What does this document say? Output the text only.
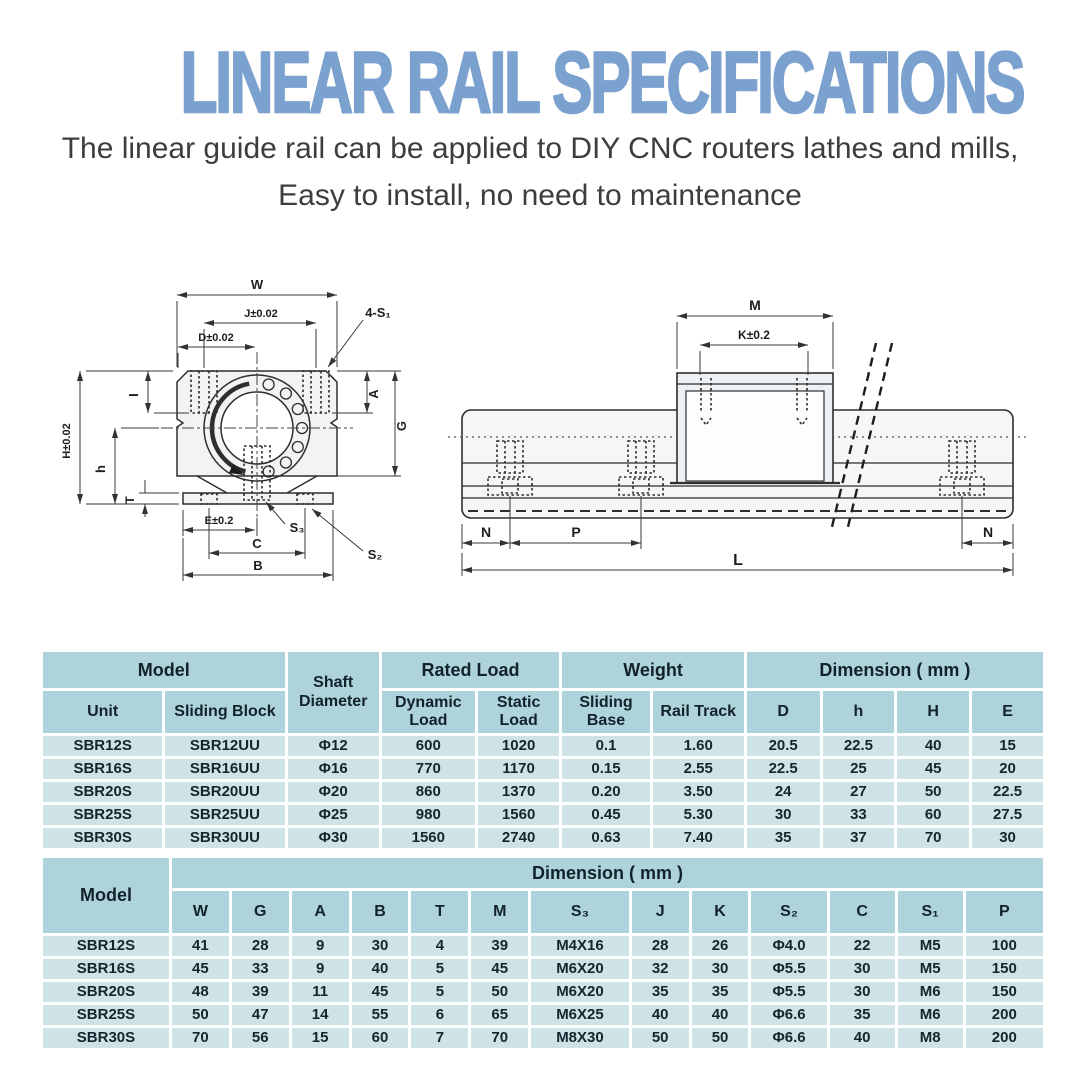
LINEAR RAIL SPECIFICATIONS
The linear guide rail can be applied to DIY CNC routers lathes and mills,
Easy to install, no need to maintenance
W
J±0.02
D±0.02
4-S₁
H±0.02
I
h
T
A
G
E±0.2	S₃
C
B
S₂
M
K±0.2
N	P	N
L
Model		Shaft Diameter	Rated Load		Weight		Dimension ( mm )			
Unit	Sliding Block		Dynamic Load	Static Load	Sliding Base	Rail Track	D	h	H	E
SBR12S	SBR12UU	Φ12	600	1020	0.1	1.60	20.5	22.5	40	15
SBR16S	SBR16UU	Φ16	770	1170	0.15	2.55	22.5	25	45	20
SBR20S	SBR20UU	Φ20	860	1370	0.20	3.50	24	27	50	22.5
SBR25S	SBR25UU	Φ25	980	1560	0.45	5.30	30	33	60	27.5
SBR30S	SBR30UU	Φ30	1560	2740	0.63	7.40	35	37	70	30
Model	Dimension ( mm )												
	W	G	A	B	T	M	S₃	J	K	S₂	C	S₁	P
SBR12S	41	28	9	30	4	39	M4X16	28	26	Φ4.0	22	M5	100
SBR16S	45	33	9	40	5	45	M6X20	32	30	Φ5.5	30	M5	150
SBR20S	48	39	11	45	5	50	M6X20	35	35	Φ5.5	30	M6	150
SBR25S	50	47	14	55	6	65	M6X25	40	40	Φ6.6	35	M6	200
SBR30S	70	56	15	60	7	70	M8X30	50	50	Φ6.6	40	M8	200
